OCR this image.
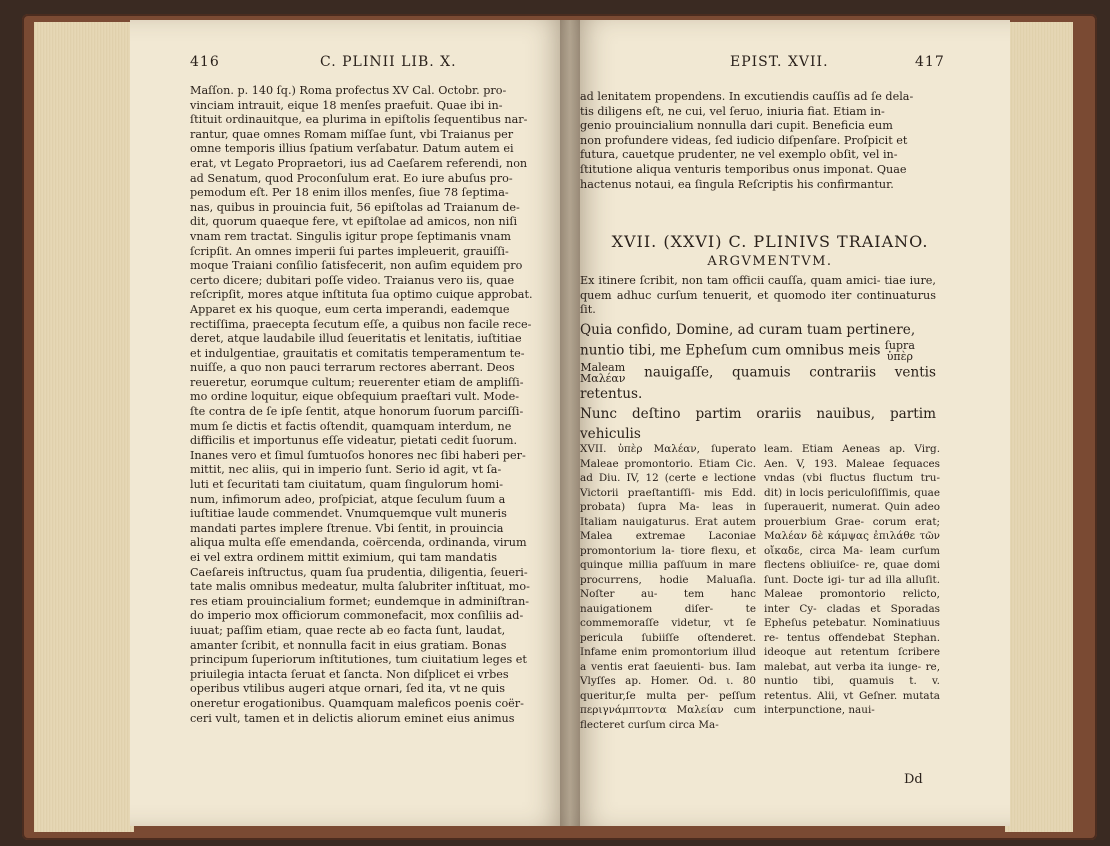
416	C. PLINII LIB. X.

Maſſon. p. 140 ſq.) Roma profectus XV Cal. Octobr. pro-

vinciam intrauit, eique 18 menſes praefuit. Quae ibi in-

ſtituit ordinauitque, ea plurima in epiſtolis ſequentibus nar-

rantur, quae omnes Romam miſſae ſunt, vbi Traianus per

omne temporis illius ſpatium verſabatur. Datum autem ei

erat, vt Legato Propraetori, ius ad Caeſarem referendi, non

ad Senatum, quod Proconſulum erat. Eo iure abuſus pro-

pemodum eſt. Per 18 enim illos menſes, ſiue 78 ſeptima-

nas, quibus in prouincia fuit, 56 epiſtolas ad Traianum de-

dit, quorum quaeque fere, vt epiſtolae ad amicos, non niſi

vnam rem tractat. Singulis igitur prope ſeptimanis vnam

ſcripſit. An omnes imperii ſui partes impleuerit, grauiſſi-

moque Traiani conſilio ſatisfecerit, non auſim equidem pro

certo dicere; dubitari poſſe video. Traianus vero iis, quae

reſcripſit, mores atque inſtituta ſua optimo cuique approbat.

Apparet ex his quoque, eum certa imperandi, eademque

rectiſſima, praecepta ſecutum eſſe, a quibus non facile rece-

deret, atque laudabile illud ſeueritatis et lenitatis, iuſtitiae

et indulgentiae, grauitatis et comitatis temperamentum te-

nuiſſe, a quo non pauci terrarum rectores aberrant. Deos

reueretur, eorumque cultum; reuerenter etiam de ampliſſi-

mo ordine loquitur, eique obſequium praeſtari vult. Mode-

ſte contra de ſe ipſe ſentit, atque honorum ſuorum parciſſi-

mum ſe dictis et factis oſtendit, quamquam interdum, ne

difficilis et importunus eſſe videatur, pietati cedit ſuorum.

Inanes vero et ſimul ſumtuoſos honores nec ſibi haberi per-

mittit, nec aliis, qui in imperio ſunt. Serio id agit, vt ſa-

luti et ſecuritati tam ciuitatum, quam ſingulorum homi-

num, infimorum adeo, proſpiciat, atque ſeculum ſuum a

iuſtitiae laude commendet. Vnumquemque vult muneris

mandati partes implere ſtrenue. Vbi ſentit, in prouincia

aliqua multa eſſe emendanda, coërcenda, ordinanda, virum

ei vel extra ordinem mittit eximium, qui tam mandatis

Caeſareis inſtructus, quam ſua prudentia, diligentia, ſeueri-

tate malis omnibus medeatur, multa ſalubriter inſtituat, mo-

res etiam prouincialium formet; eundemque in adminiſtran-

do imperio mox officiorum commonefacit, mox conſiliis ad-

iuuat; paſſim etiam, quae recte ab eo facta ſunt, laudat,

amanter ſcribit, et nonnulla facit in eius gratiam. Bonas

principum ſuperiorum inſtitutiones, tum ciuitatium leges et

priuilegia intacta ſeruat et ſancta. Non diſplicet ei vrbes

operibus vtilibus augeri atque ornari, ſed ita, vt ne quis

oneretur erogationibus. Quamquam maleficos poenis coër-

ceri vult, tamen et in delictis aliorum eminet eius animus

EPIST. XVII.	417

ad lenitatem propendens. In excutiendis cauſſis ad ſe dela-

tis diligens eſt, ne cui, vel ſeruo, iniuria fiat. Etiam in-

genio prouincialium nonnulla dari cupit. Beneficia eum

non profundere videas, ſed iudicio diſpenſare. Proſpicit et

futura, cauetque prudenter, ne vel exemplo obſit, vel in-

ſtitutione aliqua venturis temporibus onus imponat. Quae

hactenus notaui, ea ſingula Reſcriptis his confirmantur.

XVII. (XXVI) C. PLINIVS TRAIANO.
ARGVMENTVM.
Ex itinere ſcribit, non tam officii cauſſa, quam amici- tiae iure, quem adhuc curſum tenuerit, et quomodo iter continuaturus ſit.
Quia confido, Domine, ad curam tuam pertinere,
nuntio tibi, me Epheſum cum omnibus meis ſupra
ὑπὲρ
Maleam
Μαλέαν nauigaſſe, quamuis contrariis ventis retentus.
Nunc deſtino partim orariis nauibus, partim vehiculis
XVII. ὑπὲρ Μαλέαν, ſuperato Maleae promontorio. Etiam Cic. ad Diu. IV, 12 (certe e lectione Victorii praeſtantiſſi- mis Edd. probata) ſupra Ma- leas in Italiam nauigaturus. Erat autem Malea extremae Laconiae promontorium la- tiore flexu, et quinque millia paſſuum in mare procurrens, hodie Maluaſia. Noſter au- tem hanc nauigationem diſer- te commemoraſſe videtur, vt ſe pericula ſubiiſſe oſtenderet. Infame enim promontorium illud a ventis erat ſaeuienti- bus. Iam Vlyſſes ap. Homer. Od. ι. 80 queritur,ſe multa per- peſſum περιγνάμπτοντα Μαλείαν cum flecteret curſum circa Ma-
leam. Etiam Aeneas ap. Virg. Aen. V, 193. Maleae ſequaces vndas (vbi fluctus fluctum tru- dit) in locis periculoſiſſimis, quae ſuperauerit, numerat. Quin adeo prouerbium Grae- corum erat; Μαλέαν δὲ κάμψας ἐπιλάθε τῶν οἴκαδε, circa Ma- leam curſum flectens obliuiſce- re, quae domi ſunt. Docte igi- tur ad illa alluſit. Maleae promontorio relicto, inter Cy- cladas et Sporadas Epheſus petebatur. Nominatiuus re- tentus offendebat Stephan. ideoque aut retentum ſcribere malebat, aut verba ita iunge- re, nuntio tibi, quamuis t. v. retentus. Alii, vt Geſner. mutata interpunctione, naui-
Dd
